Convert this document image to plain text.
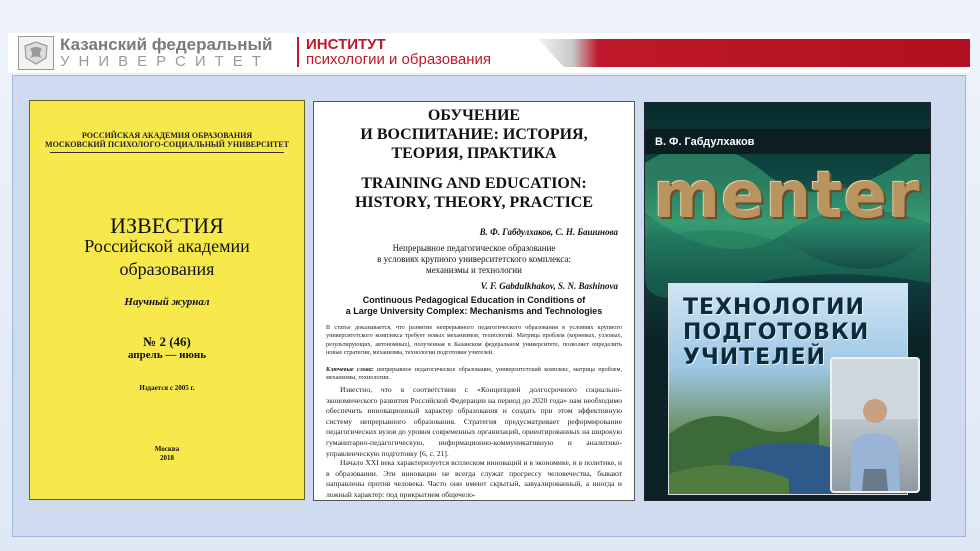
Казанский федеральный
УНИВЕРСИТЕТ
ИНСТИТУТ
психологии и образования
РОССИЙСКАЯ АКАДЕМИЯ ОБРАЗОВАНИЯ
МОСКОВСКИЙ ПСИХОЛОГО-СОЦИАЛЬНЫЙ УНИВЕРСИТЕТ
ИЗВЕСТИЯ
Российской академии
образования
Научный журнал
№ 2 (46)
апрель — июнь
Издается с 2005 г.
Москва
2018
ОБУЧЕНИЕ
И ВОСПИТАНИЕ: ИСТОРИЯ,
ТЕОРИЯ, ПРАКТИКА
TRAINING AND EDUCATION:
HISTORY, THEORY, PRACTICE
В. Ф. Габдулхаков, С. Н. Башинова
Непрерывное педагогическое образование
в условиях крупного университетского комплекса:
механизмы и технологии
V. F. Gabdulkhakov, S. N. Bashinova
Continuous Pedagogical Education in Conditions of
a Large University Complex: Mechanisms and Technologies
В статье доказывается, что развитие непрерывного педагогического образования в условиях крупного университетского комплекса требует новых механизмов, технологий. Матрица проблем (корневых, узловых, результирующих, автономных), полученная в Казанском федеральном университете, позволяет определить новые стратегии, механизмы, технологии подготовки учителей.
Ключевые слова: непрерывное педагогическое образование, университетский комплекс, матрица проблем, механизмы, технологии.
Известно, что в соответствии с «Концепцией долгосрочного социально-экономического развития Российской Федерации на период до 2020 года» нам необходимо обеспечить инновационный характер образования и создать при этом эффективную систему непрерывного образования. Стратегия предусматривает реформирование педагогических вузов до уровня современных организаций, ориентированных на широкую гуманитарно-педагогическую, информационно-коммуникативную и аналитико-управленческую подготовку [6, с. 21].
Начало XXI века характеризуется всплеском инноваций и в экономике, и в политике, и в образовании. Эти инновации не всегда служат прогрессу человечества, бывают направлены против человека. Часто они имеют скрытый, завуалированный, а иногда и ложный характер: под прикрытием общечело-
В. Ф. Габдулхаков
menter
ТЕХНОЛОГИИ
ПОДГОТОВКИ
УЧИТЕЛЕЙ
